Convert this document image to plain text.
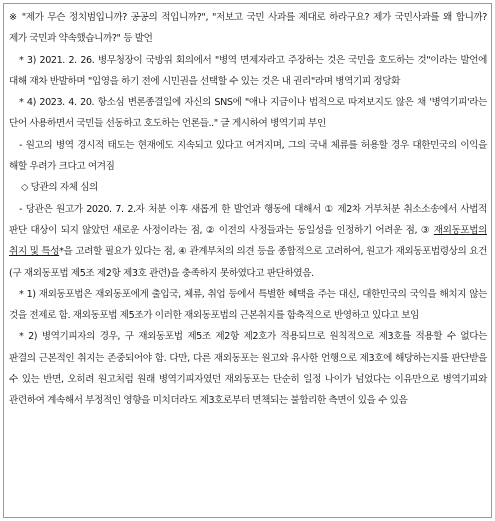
※ "제가 무슨 정치범입니까? 공공의 적입니까?", "저보고 국민 사과를 제대로 하라구요? 제가 국민사과를 왜 합니까? 제가 국민과 약속했습니까?" 등 발언

* 3) 2021. 2. 26. 병무청장이 국방위 회의에서 "병역 면제자라고 주장하는 것은 국민을 호도하는 것"이라는 발언에 대해 재차 반발하며 "입영을 하기 전에 시민권을 선택할 수 있는 것은 내 권리"라며 병역기피 정당화

* 4) 2023. 4. 20. 항소심 변론종결일에 자신의 SNS에 "애나 지금이나 법적으로 따져보지도 않은 채 '병역기피'라는 단어 사용하면서 국민들 선동하고 호도하는 언론들.." 글 게시하여 병역기피 부인

- 원고의 병역 경시적 태도는 현재에도 지속되고 있다고 여겨지며, 그의 국내 체류를 허용할 경우 대한민국의 이익을 해할 우려가 크다고 여겨짐

◇ 당관의 자체 심의

- 당관은 원고가 2020. 7. 2.자 처분 이후 새롭게 한 발언과 행동에 대해서 ① 제2차 거부처분 취소소송에서 사법적 판단 대상이 되지 않았던 새로운 사정이라는 점, ② 이전의 사정들과는 동일성을 인정하기 어려운 점, ③ 재외동포법의 취지 및 특성*을 고려할 필요가 있다는 점, ④ 관계부처의 의견 등을 종합적으로 고려하여, 원고가 재외동포법령상의 요건(구 재외동포법 제5조 제2항 제3호 관련)을 충족하지 못하였다고 판단하였음.

* 1) 재외동포법은 재외동포에게 출입국, 체류, 취업 등에서 특별한 혜택을 주는 대신, 대한민국의 국익을 해치지 않는 것을 전제로 함. 재외동포법 제5조가 이러한 재외동포법의 근본취지를 함축적으로 반영하고 있다고 보임

* 2) 병역기피자의 경우, 구 재외동포법 제5조 제2항 제2호가 적용되므로 원칙적으로 제3호를 적용할 수 없다는 판결의 근본적인 취지는 존중되어야 함. 다만, 다른 재외동포는 원고와 유사한 언행으로 제3호에 해당하는지를 판단받을 수 있는 반면, 오히려 원고처럼 원래 병역기피자였던 재외동포는 단순히 일정 나이가 넘었다는 이유만으로 병역기피와 관련하여 계속해서 부정적인 영향을 미치더라도 제3호로부터 면책되는 불합리한 측면이 있을 수 있음
